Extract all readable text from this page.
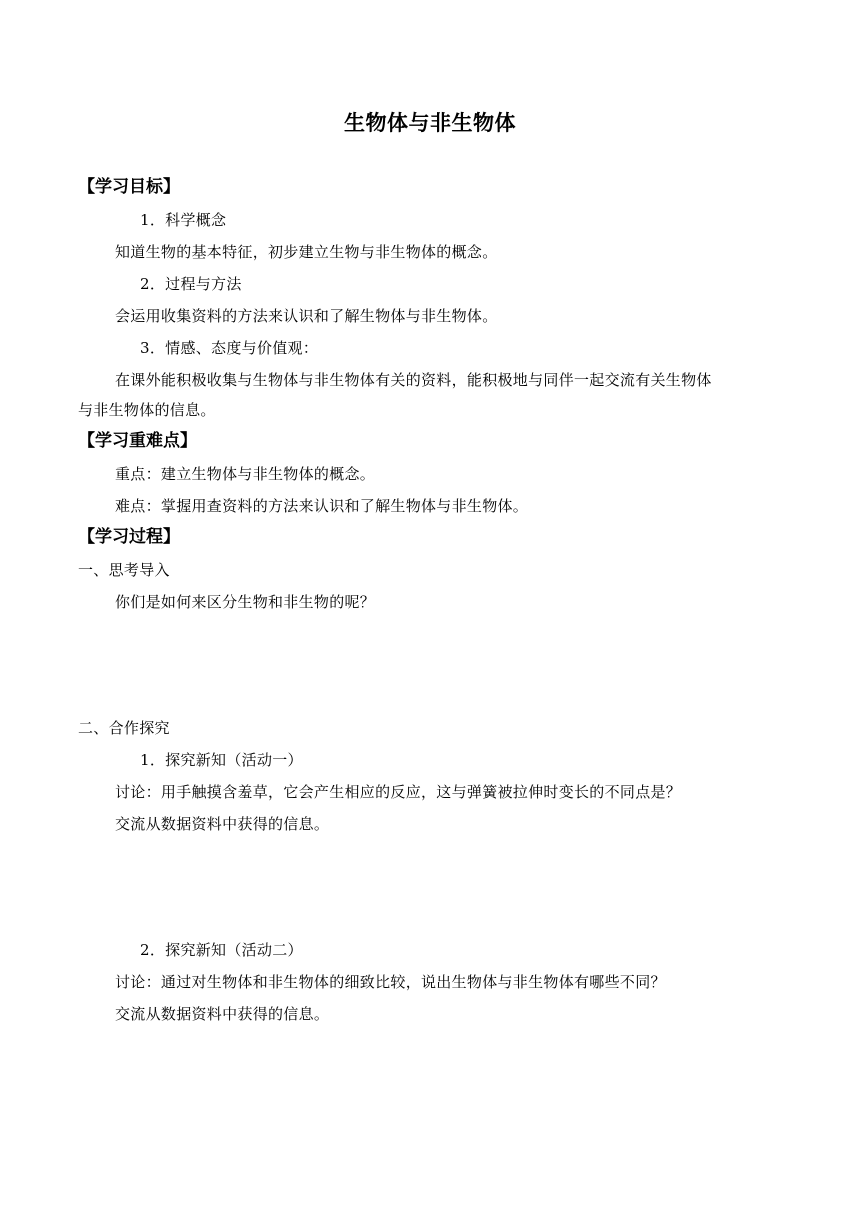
生物体与非生物体
【学习目标】
1．科学概念
知道生物的基本特征，初步建立生物与非生物体的概念。
2．过程与方法
会运用收集资料的方法来认识和了解生物体与非生物体。
3．情感、态度与价值观：
在课外能积极收集与生物体与非生物体有关的资料，能积极地与同伴一起交流有关生物体
与非生物体的信息。
【学习重难点】
重点：建立生物体与非生物体的概念。
难点：掌握用查资料的方法来认识和了解生物体与非生物体。
【学习过程】
一、思考导入
你们是如何来区分生物和非生物的呢？
二、合作探究
1．探究新知（活动一）
讨论：用手触摸含羞草，它会产生相应的反应，这与弹簧被拉伸时变长的不同点是？
交流从数据资料中获得的信息。
2．探究新知（活动二）
讨论：通过对生物体和非生物体的细致比较，说出生物体与非生物体有哪些不同？
交流从数据资料中获得的信息。
